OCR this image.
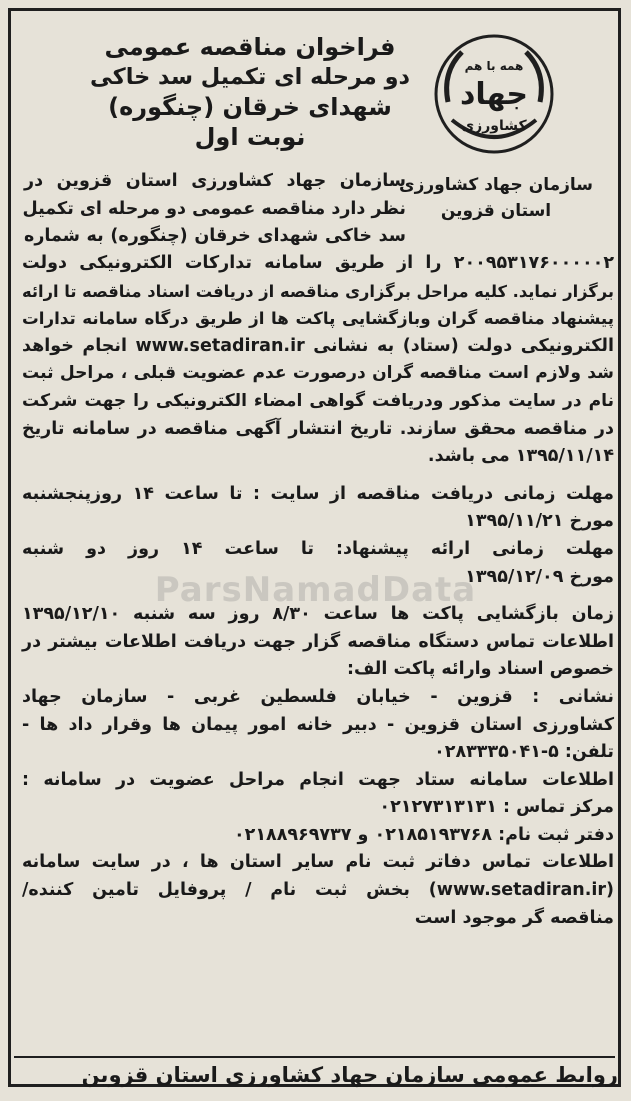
ParsNamadData
همه با هم
جهاد
کشاورزی
سازمان جهاد کشاورزی
استان قزوین
فراخوان مناقصه عمومی
دو مرحله ای تکمیل سد خاکی
شهدای خرقان (چنگوره)
نوبت اول
سازمان جهاد کشاورزی استان قزوین در
نظر دارد مناقصه عمومی دو مرحله ای تکمیل
سد خاکی شهدای خرقان (چنگوره) به شماره
۲۰۰۹۵۳۱۷۶۰۰۰۰۰۲ را از طریق سامانه تدارکات الکترونیکی دولت
برگزار نماید. کلیه مراحل برگزاری مناقصه از دریافت اسناد مناقصه تا ارائه
پیشنهاد مناقصه گران وبازگشایی پاکت ها از طریق درگاه سامانه تدارات
الکترونیکی دولت (ستاد) به نشانی www.setadiran.ir انجام خواهد
شد ولازم است مناقصه گران درصورت عدم عضویت قبلی ، مراحل ثبت
نام در سایت مذکور ودریافت گواهی امضاء الکترونیکی را جهت شرکت
در مناقصه محقق سازند. تاریخ انتشار آگهی مناقصه در سامانه تاریخ
۱۳۹۵/۱۱/۱۴ می باشد.
مهلت زمانی دریافت مناقصه از سایت : تا ساعت ۱۴ روزپنجشنبه
مورخ ۱۳۹۵/۱۱/۲۱
مهلت زمانی ارائه پیشنهاد: تا ساعت ۱۴ روز دو شنبه
مورخ ۱۳۹۵/۱۲/۰۹
زمان بازگشایی پاکت ها ساعت ۸/۳۰ روز سه شنبه ۱۳۹۵/۱۲/۱۰
اطلاعات تماس دستگاه مناقصه گزار جهت دریافت اطلاعات بیشتر در
خصوص اسناد وارائه پاکت الف:
نشانی : قزوین - خیابان فلسطین غربی - سازمان جهاد
کشاورزی استان قزوین - دبیر خانه امور پیمان ها وقرار داد ها -
تلفن: ۵-۰۲۸۳۳۳۵۰۴۱
اطلاعات سامانه ستاد جهت انجام مراحل عضویت در سامانه :
مرکز تماس : ۰۲۱۲۷۳۱۳۱۳۱
دفتر ثبت نام: ۰۲۱۸۵۱۹۳۷۶۸ و ۰۲۱۸۸۹۶۹۷۳۷
اطلاعات تماس دفاتر ثبت نام سایر استان ها ، در سایت سامانه
(www.setadiran.ir) بخش ثبت نام / پروفایل تامین کننده/
مناقصه گر موجود است
روابط عمومی سازمان جهاد کشاورزی استان قزوین
